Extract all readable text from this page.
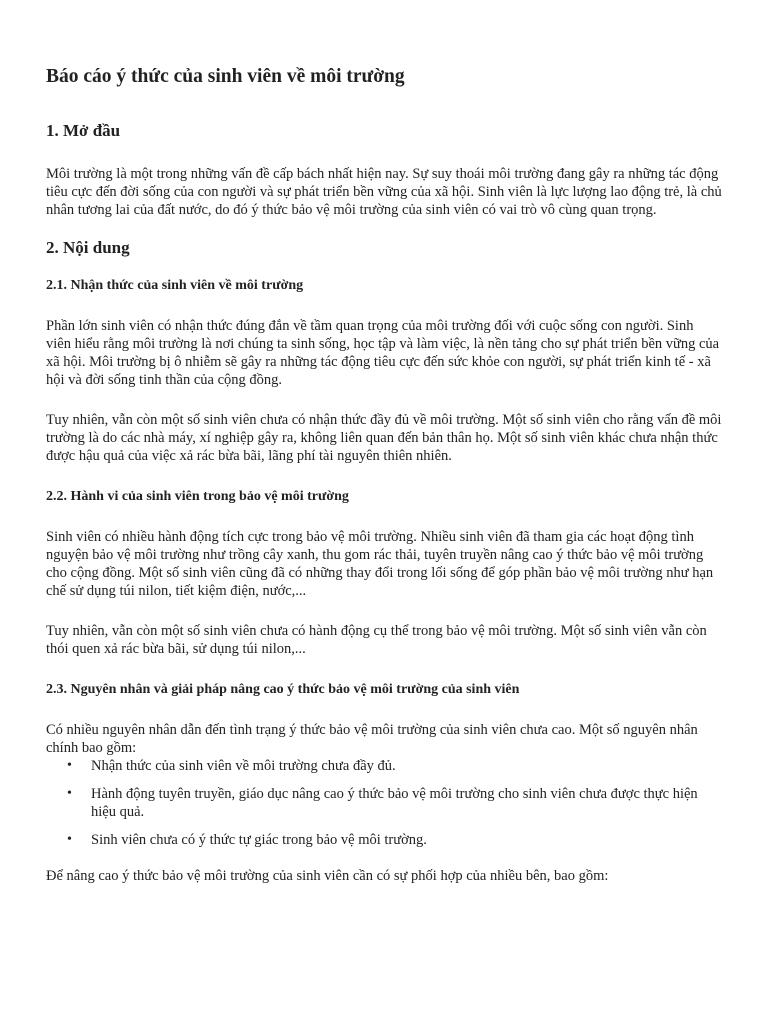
Báo cáo ý thức của sinh viên về môi trường
1. Mở đầu

Môi trường là một trong những vấn đề cấp bách nhất hiện nay. Sự suy thoái môi trường đang gây ra những tác động tiêu cực đến đời sống của con người và sự phát triển bền vững của xã hội. Sinh viên là lực lượng lao động trẻ, là chủ nhân tương lai của đất nước, do đó ý thức bảo vệ môi trường của sinh viên có vai trò vô cùng quan trọng.

2. Nội dung
2.1. Nhận thức của sinh viên về môi trường

Phần lớn sinh viên có nhận thức đúng đắn về tầm quan trọng của môi trường đối với cuộc sống con người. Sinh viên hiểu rằng môi trường là nơi chúng ta sinh sống, học tập và làm việc, là nền tảng cho sự phát triển bền vững của xã hội. Môi trường bị ô nhiễm sẽ gây ra những tác động tiêu cực đến sức khỏe con người, sự phát triển kinh tế - xã hội và đời sống tinh thần của cộng đồng.

Tuy nhiên, vẫn còn một số sinh viên chưa có nhận thức đầy đủ về môi trường. Một số sinh viên cho rằng vấn đề môi trường là do các nhà máy, xí nghiệp gây ra, không liên quan đến bản thân họ. Một số sinh viên khác chưa nhận thức được hậu quả của việc xả rác bừa bãi, lãng phí tài nguyên thiên nhiên.

2.2. Hành vi của sinh viên trong bảo vệ môi trường

Sinh viên có nhiều hành động tích cực trong bảo vệ môi trường. Nhiều sinh viên đã tham gia các hoạt động tình nguyện bảo vệ môi trường như trồng cây xanh, thu gom rác thải, tuyên truyền nâng cao ý thức bảo vệ môi trường cho cộng đồng. Một số sinh viên cũng đã có những thay đổi trong lối sống để góp phần bảo vệ môi trường như hạn chế sử dụng túi nilon, tiết kiệm điện, nước,...

Tuy nhiên, vẫn còn một số sinh viên chưa có hành động cụ thể trong bảo vệ môi trường. Một số sinh viên vẫn còn thói quen xả rác bừa bãi, sử dụng túi nilon,...

2.3. Nguyên nhân và giải pháp nâng cao ý thức bảo vệ môi trường của sinh viên

Có nhiều nguyên nhân dẫn đến tình trạng ý thức bảo vệ môi trường của sinh viên chưa cao. Một số nguyên nhân chính bao gồm:

• Nhận thức của sinh viên về môi trường chưa đầy đủ.
• Hành động tuyên truyền, giáo dục nâng cao ý thức bảo vệ môi trường cho sinh viên chưa được thực hiện hiệu quả.
• Sinh viên chưa có ý thức tự giác trong bảo vệ môi trường.

Để nâng cao ý thức bảo vệ môi trường của sinh viên cần có sự phối hợp của nhiều bên, bao gồm:
